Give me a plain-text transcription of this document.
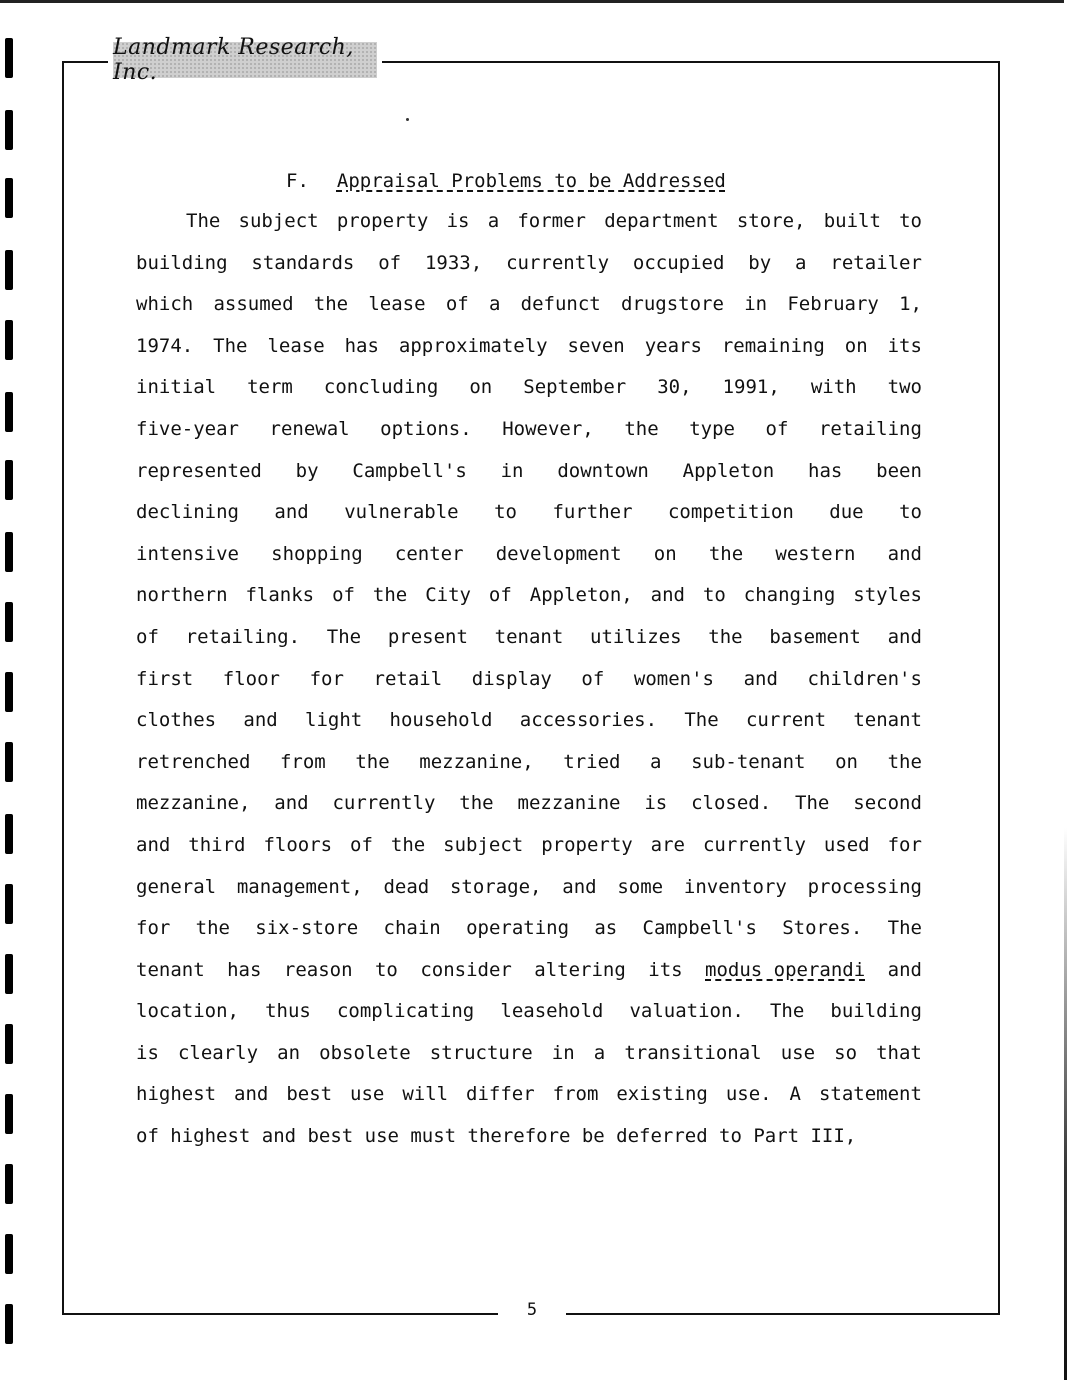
Landmark Research, Inc.
F. Appraisal Problems to be Addressed
The subject property is a former department store, built to
building standards of 1933, currently occupied by a retailer
which assumed the lease of a defunct drugstore in February 1,
1974. The lease has approximately seven years remaining on its
initial term concluding on September 30, 1991, with two
five-year renewal options. However, the type of retailing
represented by Campbell's in downtown Appleton has been
declining and vulnerable to further competition due to
intensive shopping center development on the western and
northern flanks of the City of Appleton, and to changing styles
of retailing. The present tenant utilizes the basement and
first floor for retail display of women's and children's
clothes and light household accessories. The current tenant
retrenched from the mezzanine, tried a sub-tenant on the
mezzanine, and currently the mezzanine is closed. The second
and third floors of the subject property are currently used for
general management, dead storage, and some inventory processing
for the six-store chain operating as Campbell's Stores. The
tenant has reason to consider altering its modus operandi and
location, thus complicating leasehold valuation. The building
is clearly an obsolete structure in a transitional use so that
highest and best use will differ from existing use. A statement
of highest and best use must therefore be deferred to Part III,
5
